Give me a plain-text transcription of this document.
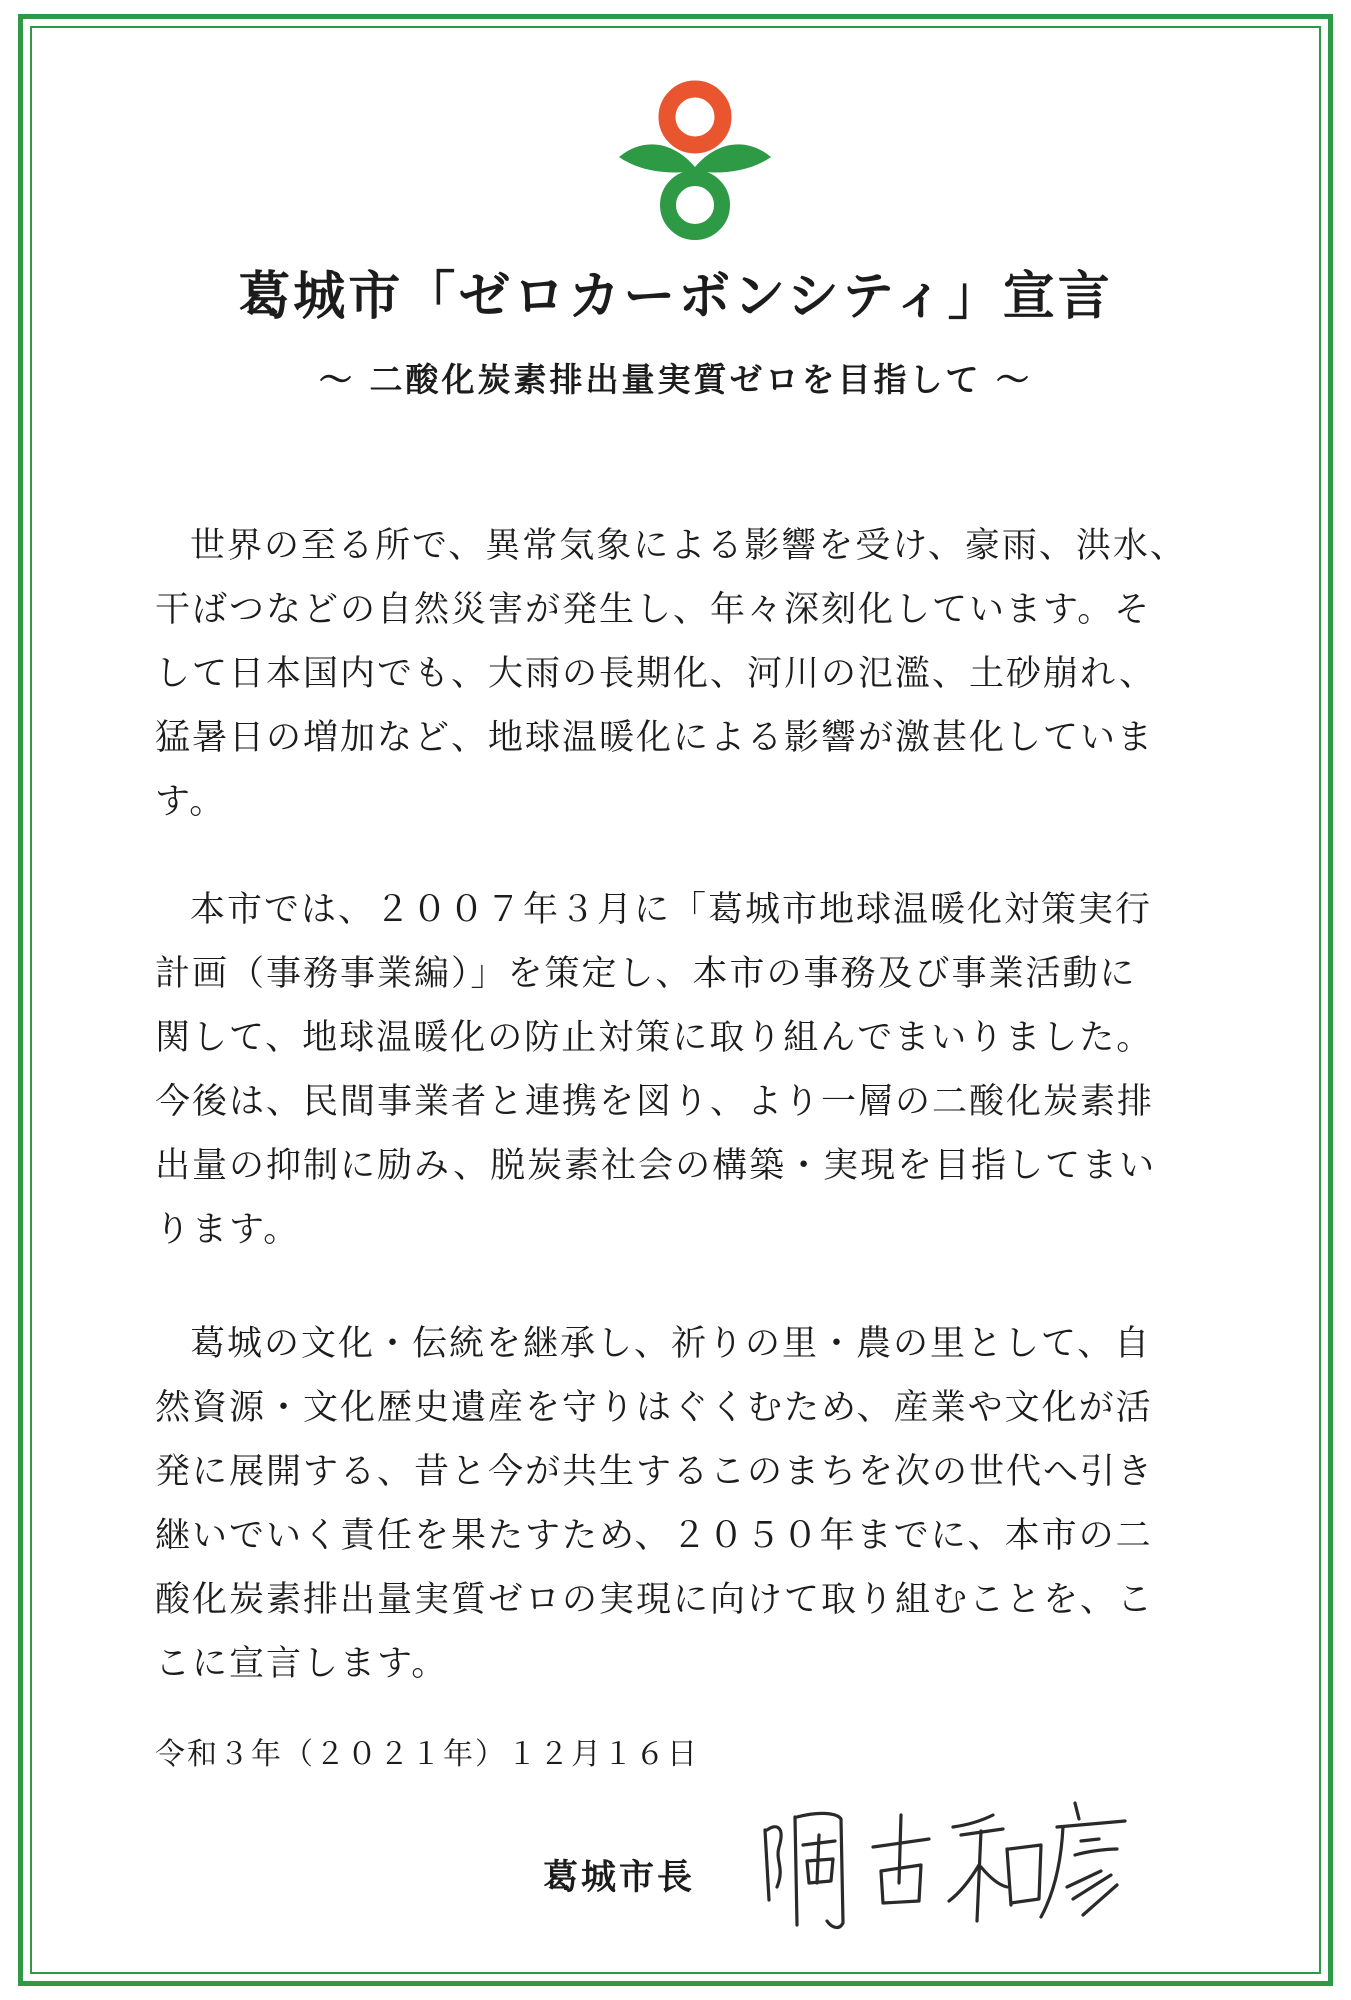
葛城市「ゼロカーボンシティ」宣言
～ 二酸化炭素排出量実質ゼロを目指して ～

世界の至る所で、異常気象による影響を受け、豪雨、洪水、
干ばつなどの自然災害が発生し、年々深刻化しています。そ
して日本国内でも、大雨の長期化、河川の氾濫、土砂崩れ、
猛暑日の増加など、地球温暖化による影響が激甚化していま
す。

本市では、２００７年３月に「葛城市地球温暖化対策実行
計画（事務事業編）」を策定し、本市の事務及び事業活動に
関して、地球温暖化の防止対策に取り組んでまいりました。
今後は、民間事業者と連携を図り、より一層の二酸化炭素排
出量の抑制に励み、脱炭素社会の構築・実現を目指してまい
ります。

葛城の文化・伝統を継承し、祈りの里・農の里として、自
然資源・文化歴史遺産を守りはぐくむため、産業や文化が活
発に展開する、昔と今が共生するこのまちを次の世代へ引き
継いでいく責任を果たすため、２０５０年までに、本市の二
酸化炭素排出量実質ゼロの実現に向けて取り組むことを、こ
こに宣言します。

令和３年（２０２１年）１２月１６日
葛城市長
